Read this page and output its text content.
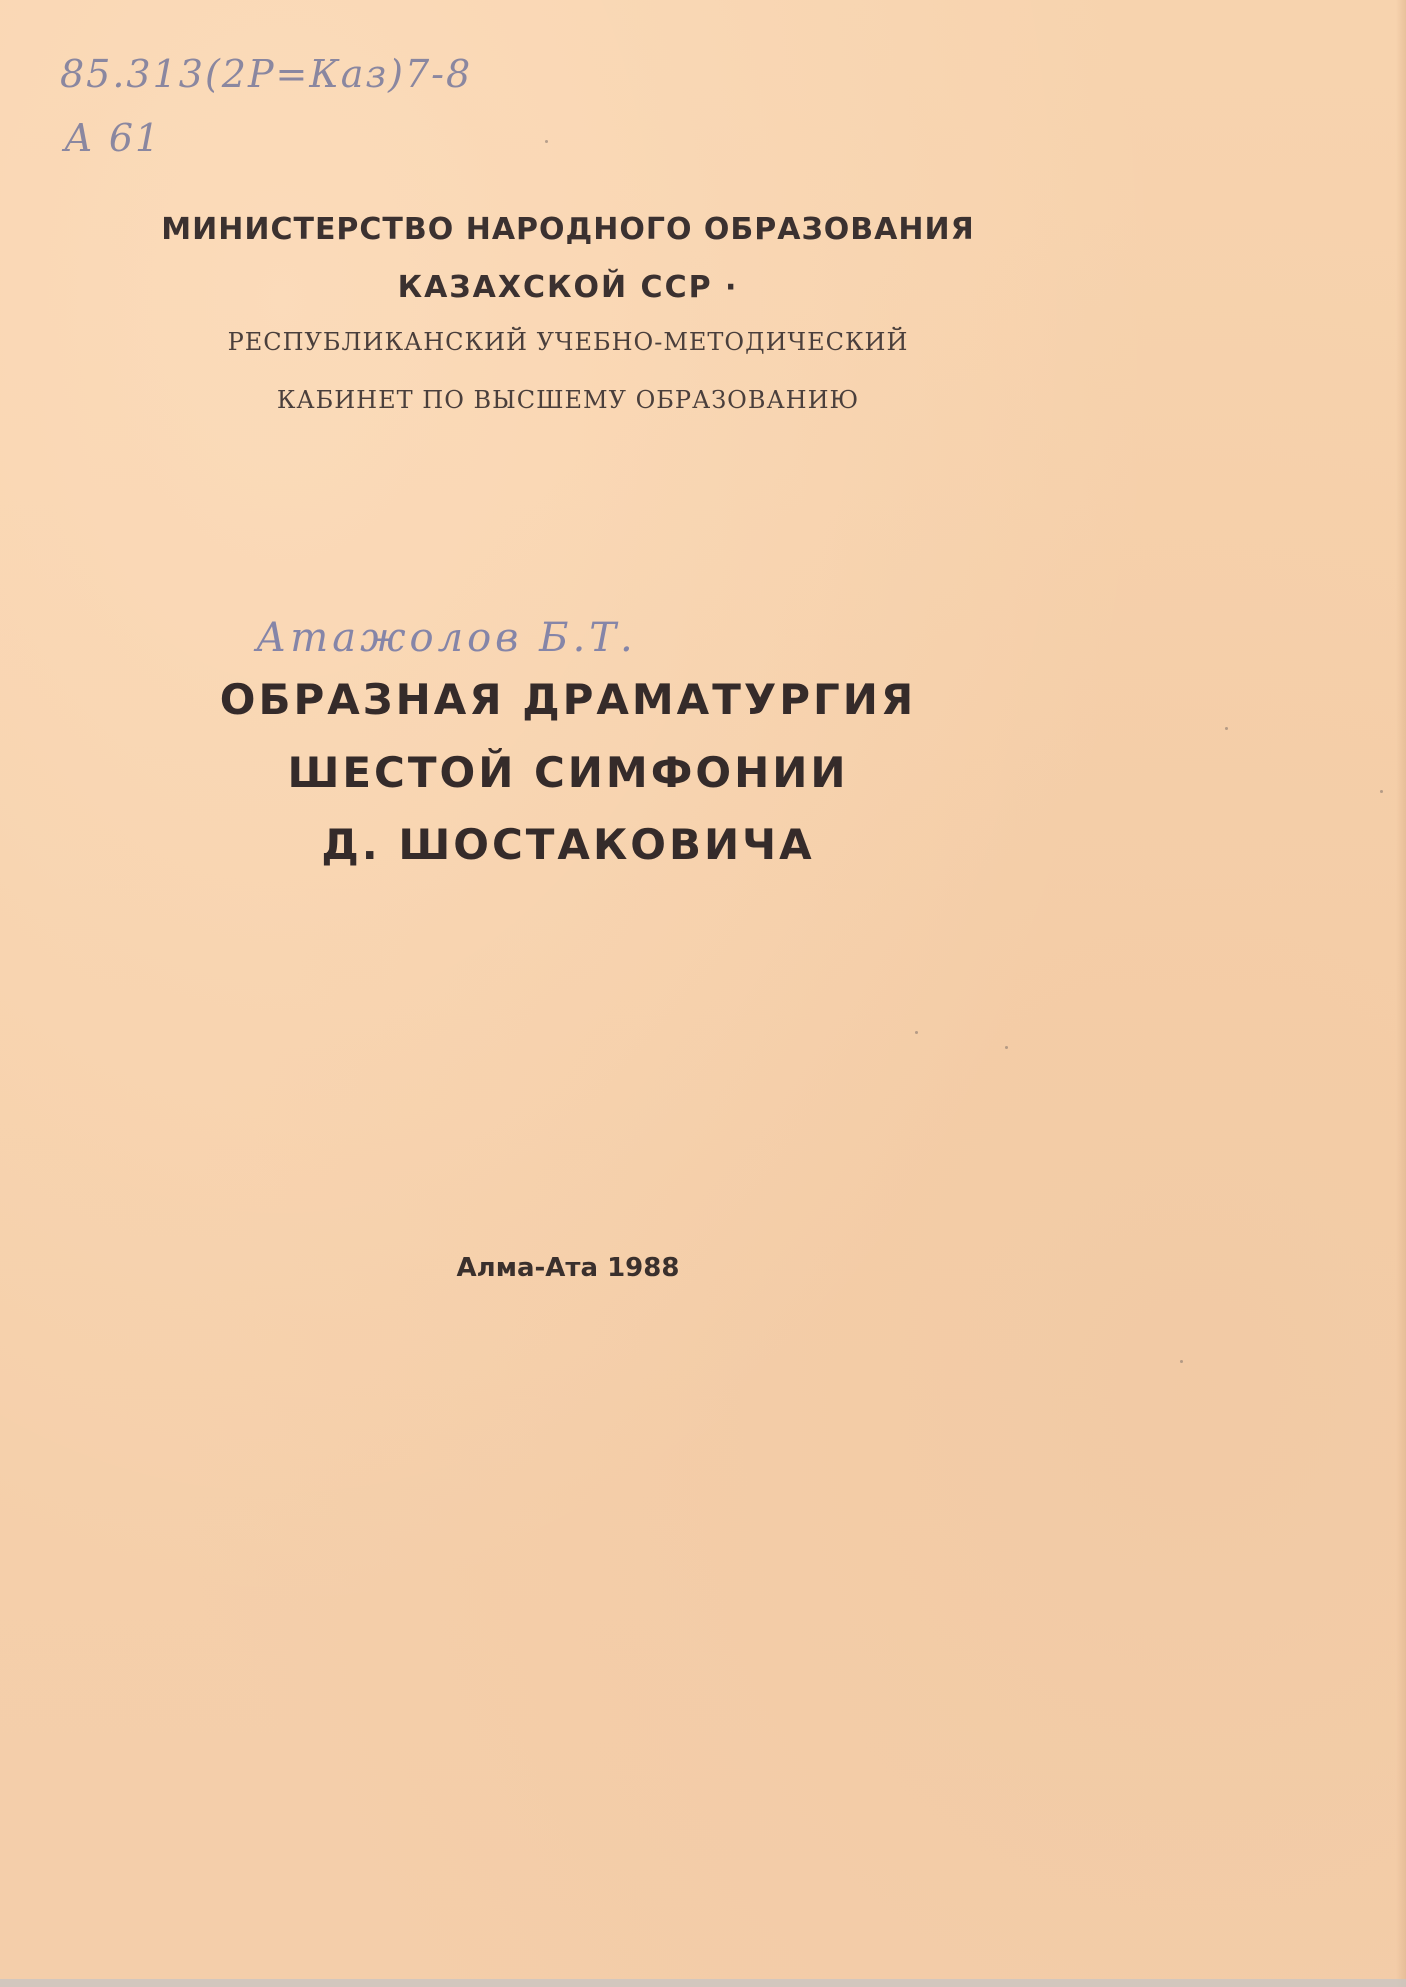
85.313(2Р=Каз)7-8
А 61
МИНИСТЕРСТВО НАРОДНОГО ОБРАЗОВАНИЯ
КАЗАХСКОЙ ССР ·
РЕСПУБЛИКАНСКИЙ УЧЕБНО-МЕТОДИЧЕСКИЙ
КАБИНЕТ ПО ВЫСШЕМУ ОБРАЗОВАНИЮ
Атажолов Б.Т.
ОБРАЗНАЯ ДРАМАТУРГИЯ
ШЕСТОЙ СИМФОНИИ
Д. ШОСТАКОВИЧА
Алма-Ата 1988
